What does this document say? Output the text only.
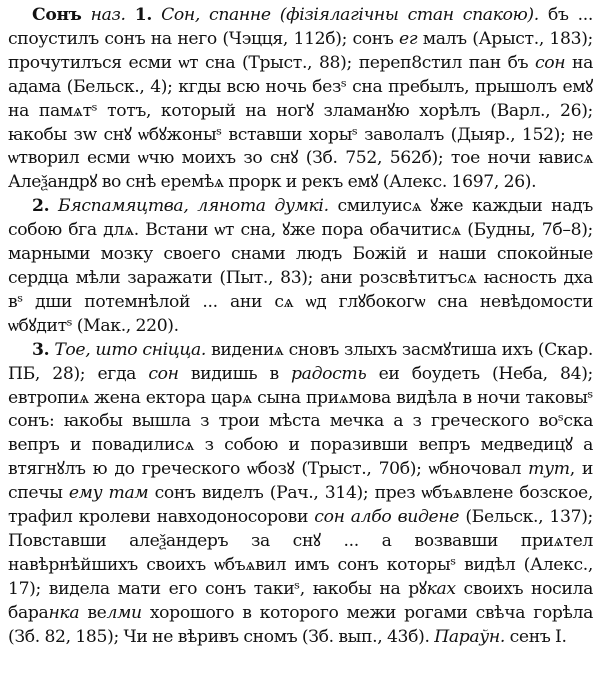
Сонъ наз. 1. Сон, спанне (фізіялагічны стан спакою). бъ ... споустилъ сонъ на него (Чэцця, 112б); сонъ ег малъ (Арыст., 183); прочутилъся есми ѡт сна (Трыст., 88); переп8стил пан бъ сон на адама (Бельск., 4); кгды всю ночь безˢ сна пребылъ, прышолъ емꙋ на памѧтˢ тотъ, который на ногꙋ зламанꙋю хорѣлъ (Варл., 26); ꙗкобы зw снꙋ ѡбꙋжоныˢ вставши хорыˢ заволалъ (Дыяр., 152); не ѡтворил есми ѡчю моихъ зо снꙋ (Зб. 752, 562б); тое ночи ꙗвисѧ Алеѯандрꙋ во снѣ еремѣѧ прорк и рекъ емꙋ (Алекс. 1697, 26).

2. Бяспамяцтва, лянота думкі. смилуисѧ ꙋже каждыи надъ собою бга длѧ. Встани ѡт сна, ꙋже пора обачитисѧ (Будны, 7б–8); марными мозку своего снами людъ Божій и наши спокойные сердца мѣли заражати (Пыт., 83); ани розсвѣтитъсѧ ꙗсность дха вˢ дши потемнѣлой ... ани сѧ ѡд глꙋбокогѡ сна невѣдомости ѡбꙋдитˢ (Мак., 220).

3. Тое, што сніцца. видениѧ сновъ злыхъ засмꙋтиша ихъ (Скар. ПБ, 28); егда сон видишь в радость еи боудеть (Неба, 84); евтропиѧ жена ектора царѧ сына приѧмова видѣла в ночи таковыˢ сонъ: ꙗкобы вышла з трои мѣста мечка а з греческого воˢска вепръ и повадилисѧ з собою и поразивши вепръ медведицꙋ а втягнꙋлъ ю до греческого ѡбозꙋ (Трыст., 70б); ѡбночовал тут, и спечы ему там сонъ виделъ (Рач., 314); през ѡбъѧвлене бозское, трафил кролеви навходоносорови сон албо видене (Бельск., 137); Повставши алеѯандеръ за снꙋ ... а возвавши приѧтел навѣрнѣйшихъ своихъ ѡбъѧвил имъ сонъ которыˢ видѣл (Алекс., 17); видела мати его сонъ такиˢ, ꙗкобы на рꙋках своихъ носила баранка велми хорошого в которого межи рогами свѣча горѣла (Зб. 82, 185); Чи не вѣривъ сномъ (Зб. вып., 43б). Параўн. сенъ I.
